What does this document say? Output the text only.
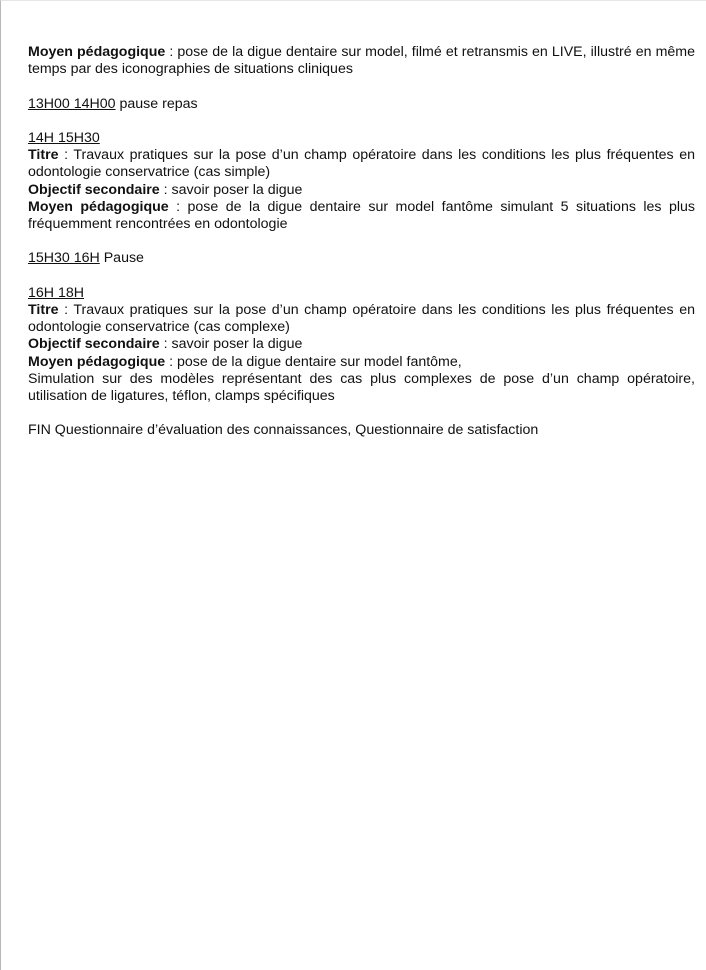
Moyen pédagogique : pose de la digue dentaire sur model, filmé et retransmis en LIVE, illustré en même temps par des iconographies de situations cliniques

13H00 14H00 pause repas

14H 15H30

Titre : Travaux pratiques sur la pose d’un champ opératoire dans les conditions les plus fréquentes en odontologie conservatrice (cas simple)

Objectif secondaire : savoir poser la digue

Moyen pédagogique : pose de la digue dentaire sur model fantôme simulant 5 situations les plus fréquemment rencontrées en odontologie

15H30 16H Pause

16H 18H

Titre : Travaux pratiques sur la pose d’un champ opératoire dans les conditions les plus fréquentes en odontologie conservatrice (cas complexe)

Objectif secondaire : savoir poser la digue

Moyen pédagogique : pose de la digue dentaire sur model fantôme,

Simulation sur des modèles représentant des cas plus complexes de pose d’un champ opératoire, utilisation de ligatures, téflon, clamps spécifiques

FIN Questionnaire d’évaluation des connaissances, Questionnaire de satisfaction
